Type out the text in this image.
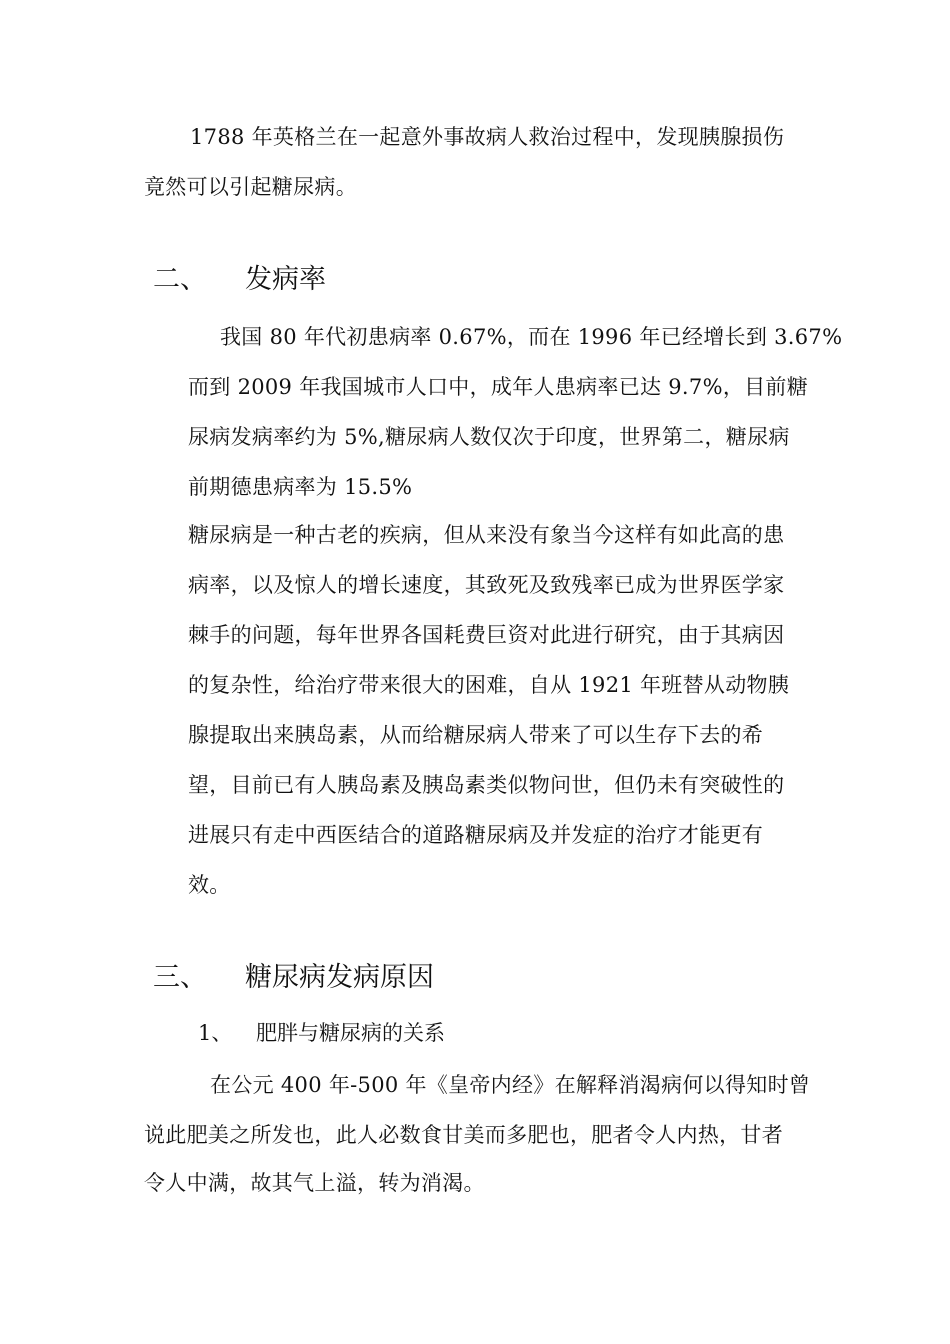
1788 年英格兰在一起意外事故病人救治过程中，发现胰腺损伤
竟然可以引起糖尿病。
二、 发病率
我国 80 年代初患病率 0.67%，而在 1996 年已经增长到 3.67%
而到 2009 年我国城市人口中，成年人患病率已达 9.7%，目前糖
尿病发病率约为 5%,糖尿病人数仅次于印度，世界第二，糖尿病
前期德患病率为 15.5%
糖尿病是一种古老的疾病，但从来没有象当今这样有如此高的患
病率，以及惊人的增长速度，其致死及致残率已成为世界医学家
棘手的问题，每年世界各国耗费巨资对此进行研究，由于其病因
的复杂性，给治疗带来很大的困难，自从 1921 年班替从动物胰
腺提取出来胰岛素，从而给糖尿病人带来了可以生存下去的希
望，目前已有人胰岛素及胰岛素类似物问世，但仍未有突破性的
进展只有走中西医结合的道路糖尿病及并发症的治疗才能更有
效。
三、 糖尿病发病原因
1、 肥胖与糖尿病的关系
在公元 400 年-500 年《皇帝内经》在解释消渴病何以得知时曾
说此肥美之所发也，此人必数食甘美而多肥也，肥者令人内热，甘者
令人中满，故其气上溢，转为消渴。
